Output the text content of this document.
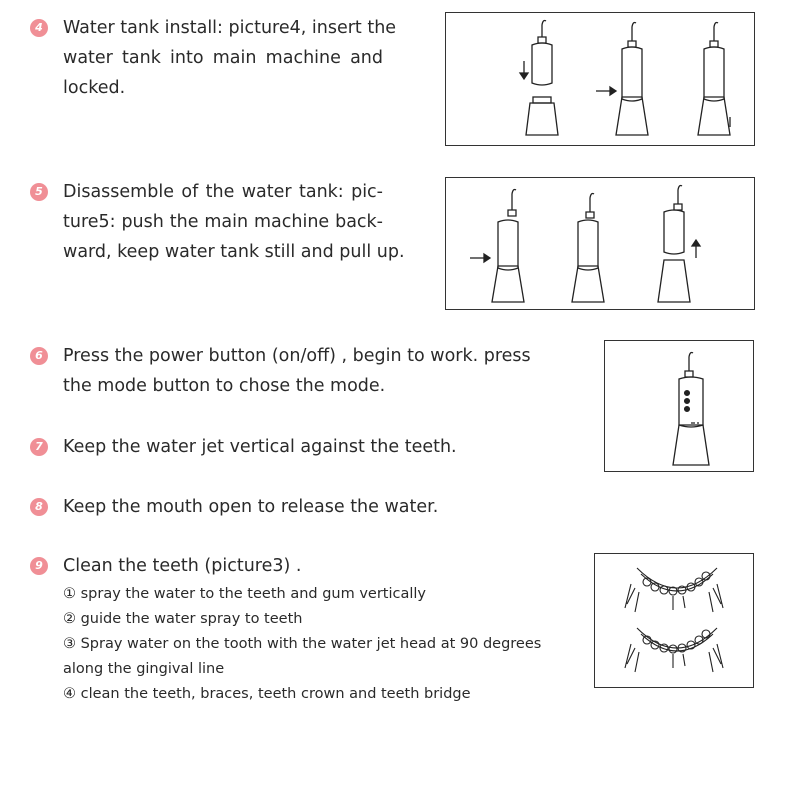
4 Water tank install: picture4, insert the
water tank into main machine and
locked.
5 Disassemble of the water tank: pic-
ture5: push the main machine back-
ward, keep water tank still and pull up.
6 Press the power button (on/off) , begin to work. press
the mode button to chose the mode.
7 Keep the water jet vertical against the teeth.
8 Keep the mouth open to release the water.
9 Clean the teeth (picture3) .
① spray the water to the teeth and gum vertically
② guide the water spray to teeth
③ Spray water on the tooth with the water jet head at 90 degrees
along the gingival line
④ clean the teeth, braces, teeth crown and teeth bridge
